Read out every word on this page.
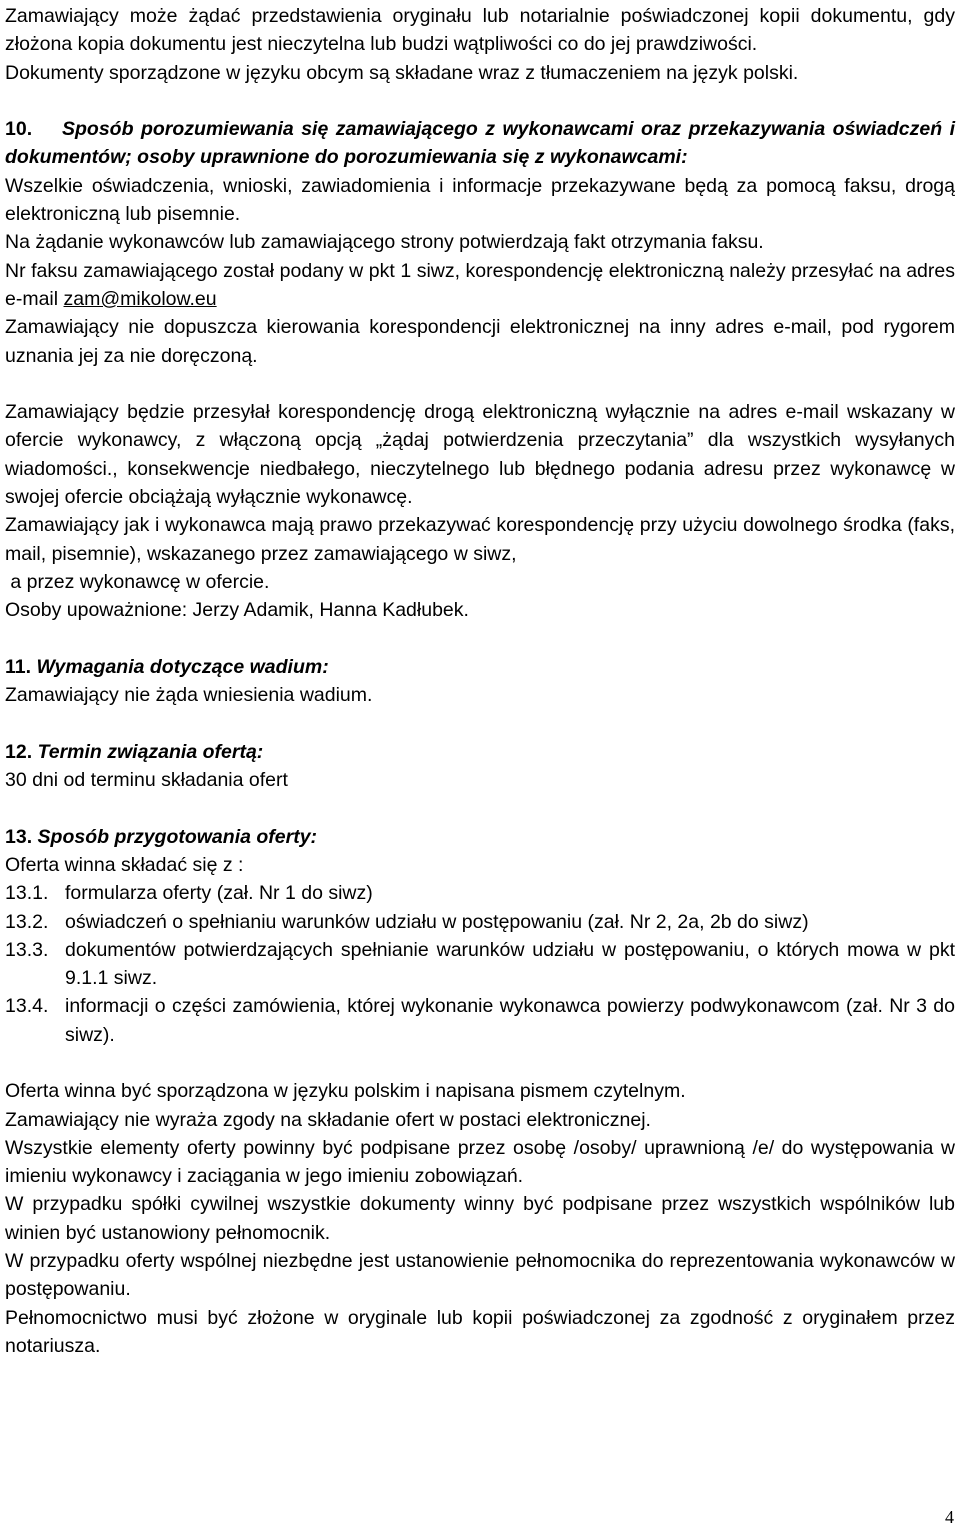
Zamawiający może żądać przedstawienia oryginału lub notarialnie poświadczonej kopii dokumentu, gdy złożona kopia dokumentu jest nieczytelna lub budzi wątpliwości co do jej prawdziwości.

Dokumenty sporządzone w języku obcym są składane wraz z tłumaczeniem na język polski.

10. Sposób porozumiewania się zamawiającego z wykonawcami oraz przekazywania oświadczeń i dokumentów; osoby uprawnione do porozumiewania się z wykonawcami:

Wszelkie oświadczenia, wnioski, zawiadomienia i informacje przekazywane będą za pomocą faksu, drogą elektroniczną lub pisemnie.

Na żądanie wykonawców lub zamawiającego strony potwierdzają fakt otrzymania faksu.

Nr faksu zamawiającego został podany w pkt 1 siwz, korespondencję elektroniczną należy przesyłać na adres e-mail zam@mikolow.eu

Zamawiający nie dopuszcza kierowania korespondencji elektronicznej na inny adres e-mail, pod rygorem uznania jej za nie doręczoną.

Zamawiający będzie przesyłał korespondencję drogą elektroniczną wyłącznie na adres e-mail wskazany w ofercie wykonawcy, z włączoną opcją „żądaj potwierdzenia przeczytania” dla wszystkich wysyłanych wiadomości., konsekwencje niedbałego, nieczytelnego lub błędnego podania adresu przez wykonawcę w swojej ofercie obciążają wyłącznie wykonawcę.

Zamawiający jak i wykonawca mają prawo przekazywać korespondencję przy użyciu dowolnego środka (faks, mail, pisemnie), wskazanego przez zamawiającego w siwz,

a przez wykonawcę w ofercie.

Osoby upoważnione: Jerzy Adamik, Hanna Kadłubek.

11. Wymagania dotyczące wadium:

Zamawiający nie żąda wniesienia wadium.

12. Termin związania ofertą:

30 dni od terminu składania ofert

13. Sposób przygotowania oferty:

Oferta winna składać się z :

13.1. formularza oferty (zał. Nr 1 do siwz)
13.2. oświadczeń o spełnianiu warunków udziału w postępowaniu (zał. Nr 2, 2a, 2b do siwz)
13.3. dokumentów potwierdzających spełnianie warunków udziału w postępowaniu, o których mowa w pkt 9.1.1 siwz.
13.4. informacji o części zamówienia, której wykonanie wykonawca powierzy podwykonawcom (zał. Nr 3 do siwz).

Oferta winna być sporządzona w języku polskim i napisana pismem czytelnym.

Zamawiający nie wyraża zgody na składanie ofert w postaci elektronicznej.

Wszystkie elementy oferty powinny być podpisane przez osobę /osoby/ uprawnioną /e/ do występowania w imieniu wykonawcy i zaciągania w jego imieniu zobowiązań.

W przypadku spółki cywilnej wszystkie dokumenty winny być podpisane przez wszystkich wspólników lub winien być ustanowiony pełnomocnik.

W przypadku oferty wspólnej niezbędne jest ustanowienie pełnomocnika do reprezentowania wykonawców w postępowaniu.

Pełnomocnictwo musi być złożone w oryginale lub kopii poświadczonej za zgodność z oryginałem przez notariusza.

4
